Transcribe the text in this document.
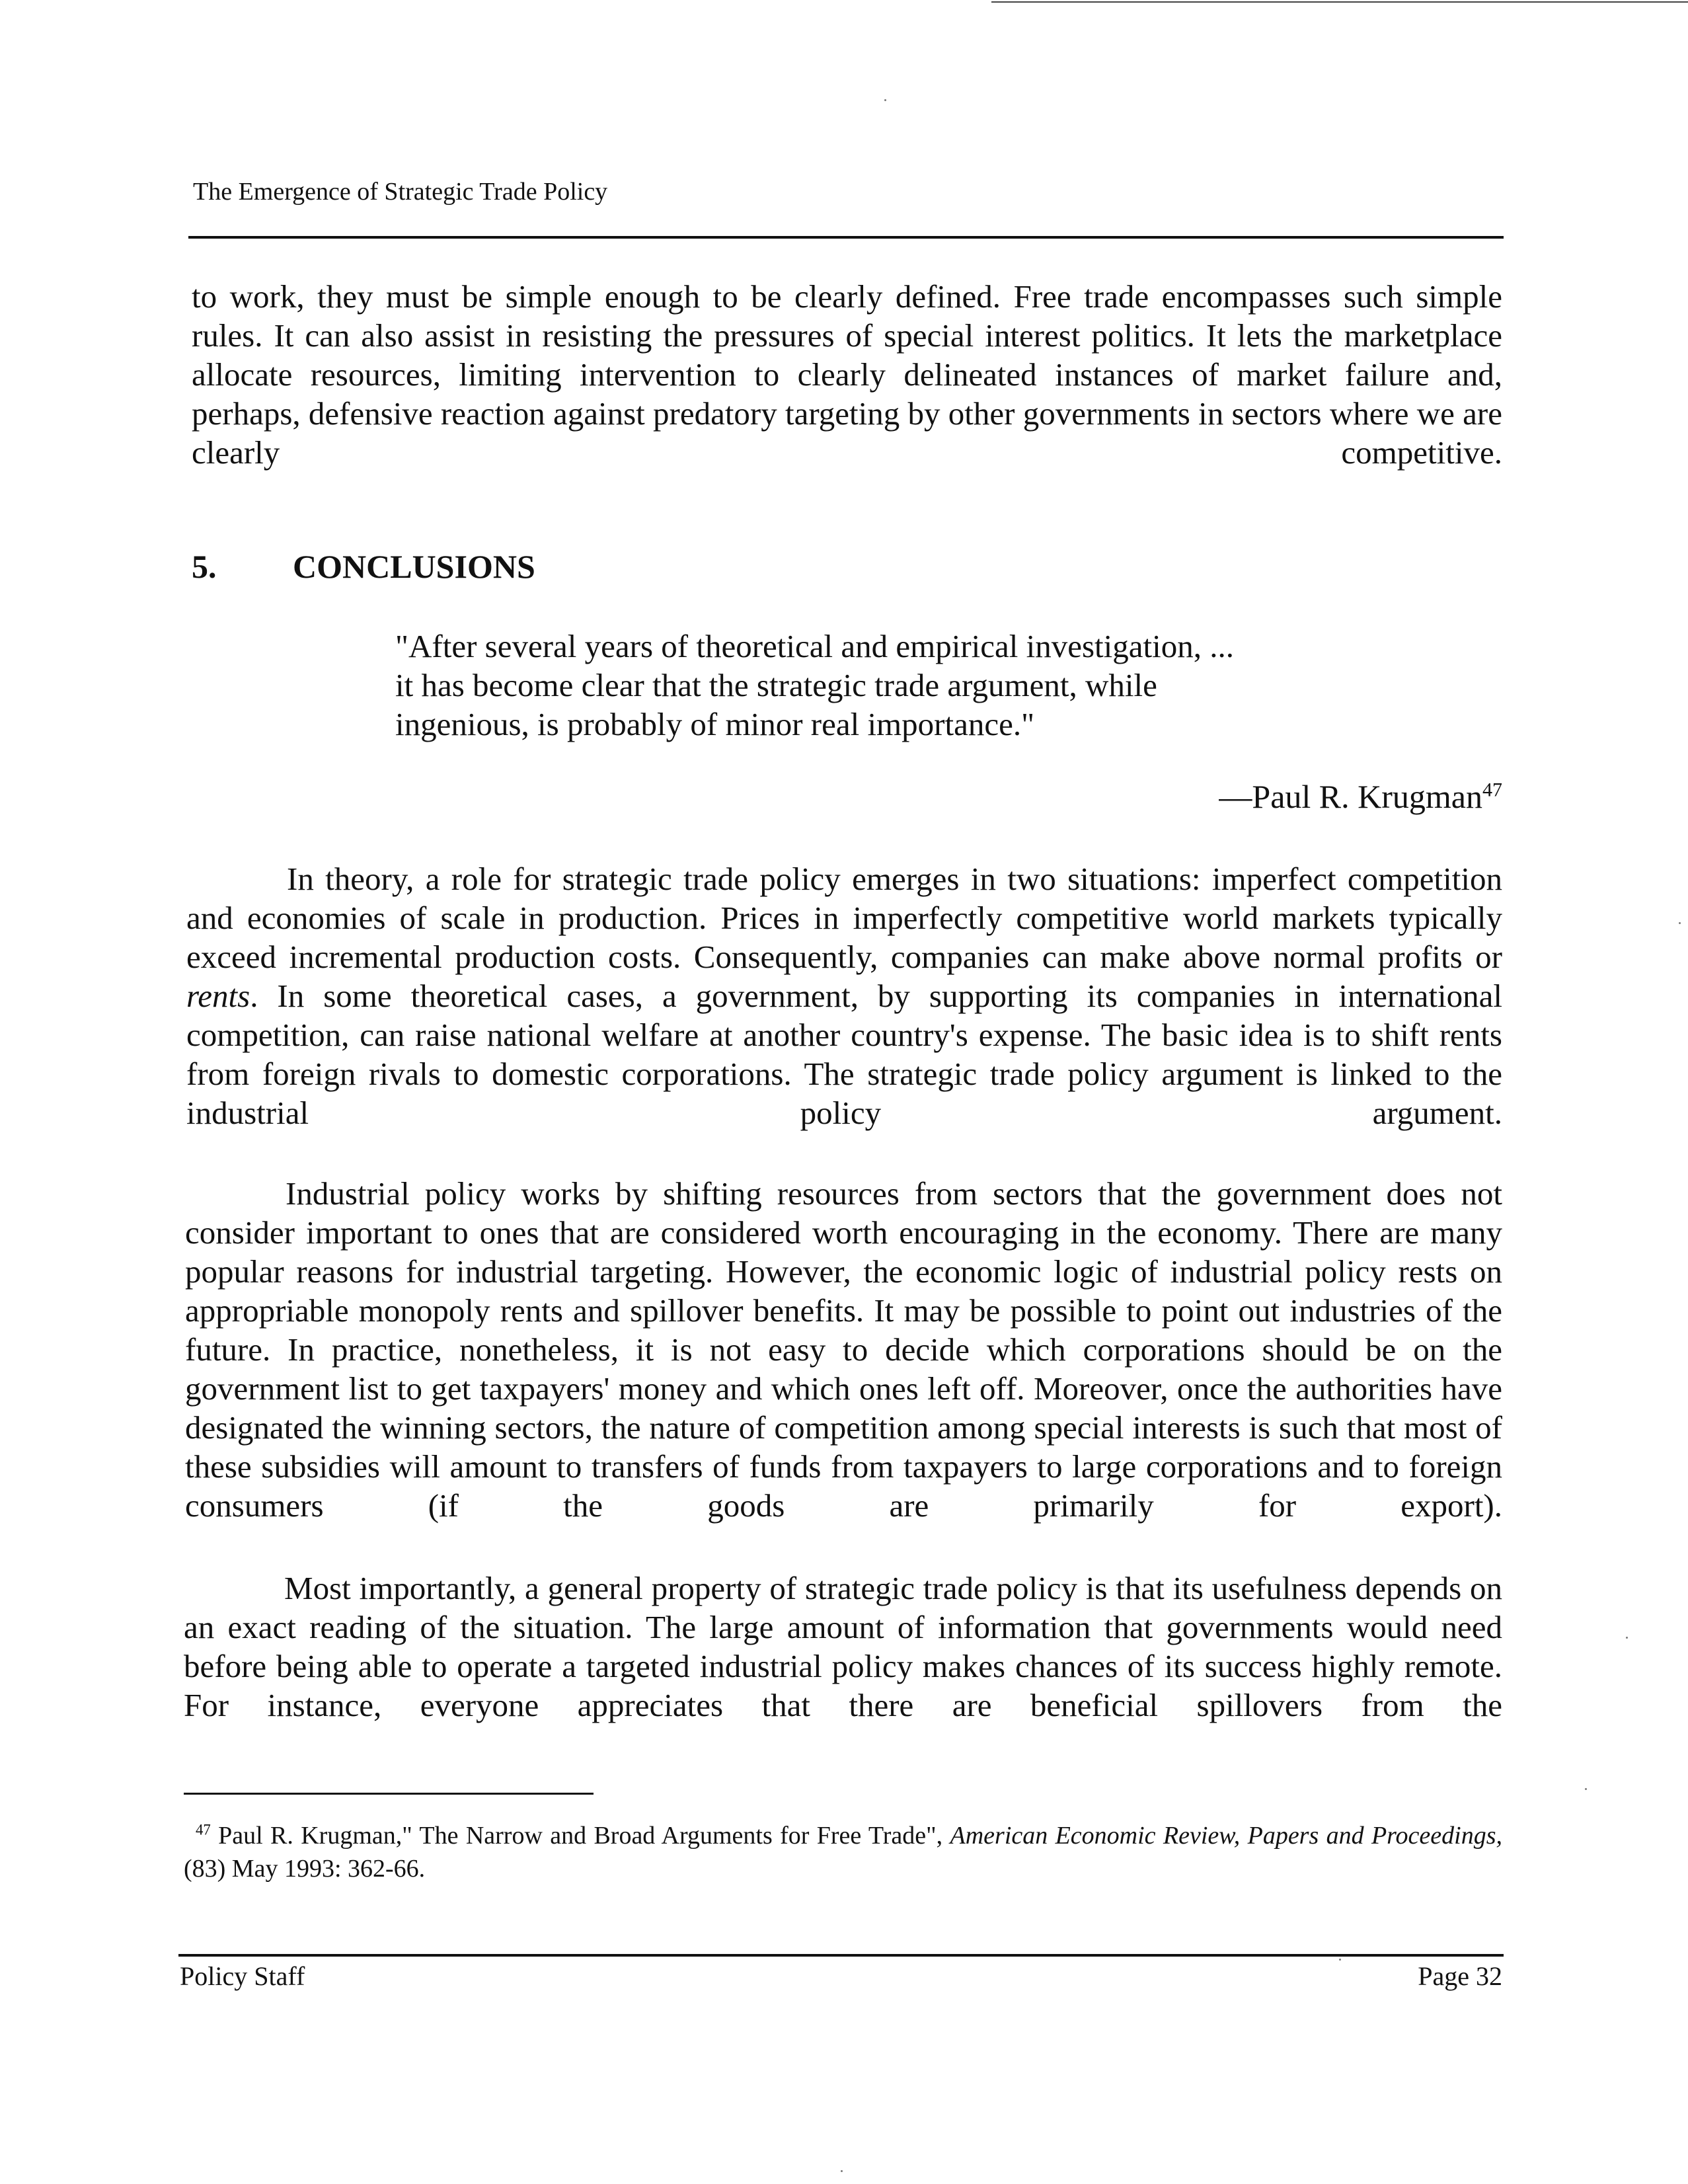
The Emergence of Strategic Trade Policy

to work, they must be simple enough to be clearly defined. Free trade encompasses such simple rules. It can also assist in resisting the pressures of special interest politics. It lets the marketplace allocate resources, limiting intervention to clearly delineated instances of market failure and, perhaps, defensive reaction against predatory targeting by other governments in sectors where we are clearly competitive.

5. CONCLUSIONS
"After several years of theoretical and empirical investigation, ...
it has become clear that the strategic trade argument, while
ingenious, is probably of minor real importance."
—Paul R. Krugman$^{47}$

In theory, a role for strategic trade policy emerges in two situations: imperfect competition and economies of scale in production. Prices in imperfectly competitive world markets typically exceed incremental production costs. Consequently, companies can make above normal profits or rents. In some theoretical cases, a government, by supporting its companies in international competition, can raise national welfare at another country's expense. The basic idea is to shift rents from foreign rivals to domestic corporations. The strategic trade policy argument is linked to the industrial policy argument.

Industrial policy works by shifting resources from sectors that the government does not consider important to ones that are considered worth encouraging in the economy. There are many popular reasons for industrial targeting. However, the economic logic of industrial policy rests on appropriable monopoly rents and spillover benefits. It may be possible to point out industries of the future. In practice, nonetheless, it is not easy to decide which corporations should be on the government list to get taxpayers' money and which ones left off. Moreover, once the authorities have designated the winning sectors, the nature of competition among special interests is such that most of these subsidies will amount to transfers of funds from taxpayers to large corporations and to foreign consumers (if the goods are primarily for export).

Most importantly, a general property of strategic trade policy is that its usefulness depends on an exact reading of the situation. The large amount of information that governments would need before being able to operate a targeted industrial policy makes chances of its success highly remote. For instance, everyone appreciates that there are beneficial spillovers from the

$^{47}$ Paul R. Krugman," The Narrow and Broad Arguments for Free Trade", American Economic Review, Papers and Proceedings, (83) May 1993: 362-66.
Policy Staff	Page 32
